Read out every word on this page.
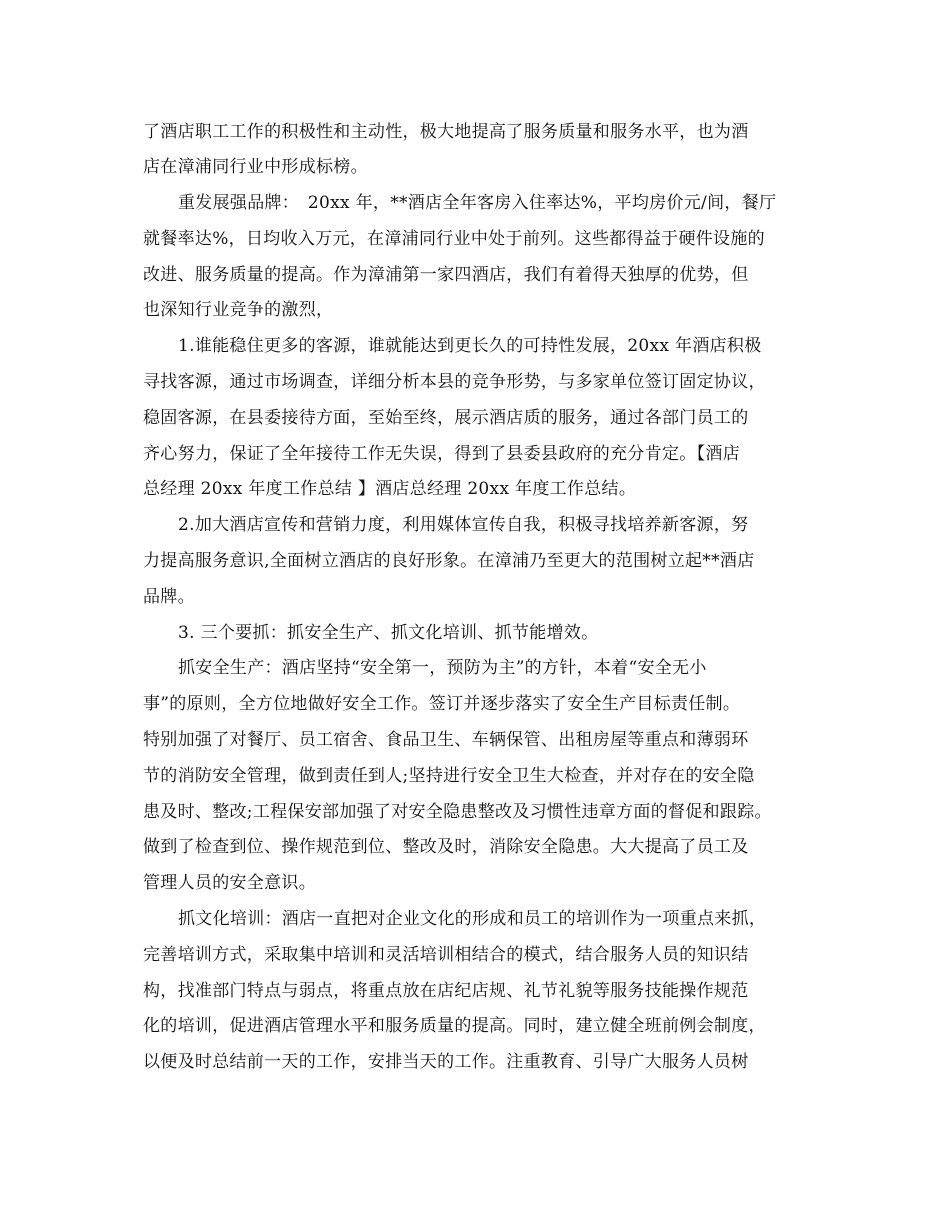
了酒店职工工作的积极性和主动性，极大地提高了服务质量和服务水平，也为酒
店在漳浦同行业中形成标榜。
重发展强品牌：　20xx 年，**酒店全年客房入住率达%，平均房价元/间，餐厅
就餐率达%，日均收入万元，在漳浦同行业中处于前列。这些都得益于硬件设施的
改进、服务质量的提高。作为漳浦第一家四酒店，我们有着得天独厚的优势，但
也深知行业竞争的激烈，
1.谁能稳住更多的客源，谁就能达到更长久的可持性发展，20xx 年酒店积极
寻找客源，通过市场调查，详细分析本县的竞争形势，与多家单位签订固定协议，
稳固客源，在县委接待方面，至始至终，展示酒店质的服务，通过各部门员工的
齐心努力，保证了全年接待工作无失误，得到了县委县政府的充分肯定。【酒店
总经理 20xx 年度工作总结 】酒店总经理 20xx 年度工作总结。
2.加大酒店宣传和营销力度，利用媒体宣传自我，积极寻找培养新客源，努
力提高服务意识,全面树立酒店的良好形象。在漳浦乃至更大的范围树立起**酒店
品牌。
3. 三个要抓：抓安全生产、抓文化培训、抓节能增效。
抓安全生产：酒店坚持“安全第一，预防为主”的方针，本着“安全无小
事”的原则，全方位地做好安全工作。签订并逐步落实了安全生产目标责任制。
特别加强了对餐厅、员工宿舍、食品卫生、车辆保管、出租房屋等重点和薄弱环
节的消防安全管理，做到责任到人;坚持进行安全卫生大检查，并对存在的安全隐
患及时、整改;工程保安部加强了对安全隐患整改及习惯性违章方面的督促和跟踪。
做到了检查到位、操作规范到位、整改及时，消除安全隐患。大大提高了员工及
管理人员的安全意识。
抓文化培训：酒店一直把对企业文化的形成和员工的培训作为一项重点来抓，
完善培训方式，采取集中培训和灵活培训相结合的模式，结合服务人员的知识结
构，找准部门特点与弱点，将重点放在店纪店规、礼节礼貌等服务技能操作规范
化的培训，促进酒店管理水平和服务质量的提高。同时，建立健全班前例会制度，
以便及时总结前一天的工作，安排当天的工作。注重教育、引导广大服务人员树
